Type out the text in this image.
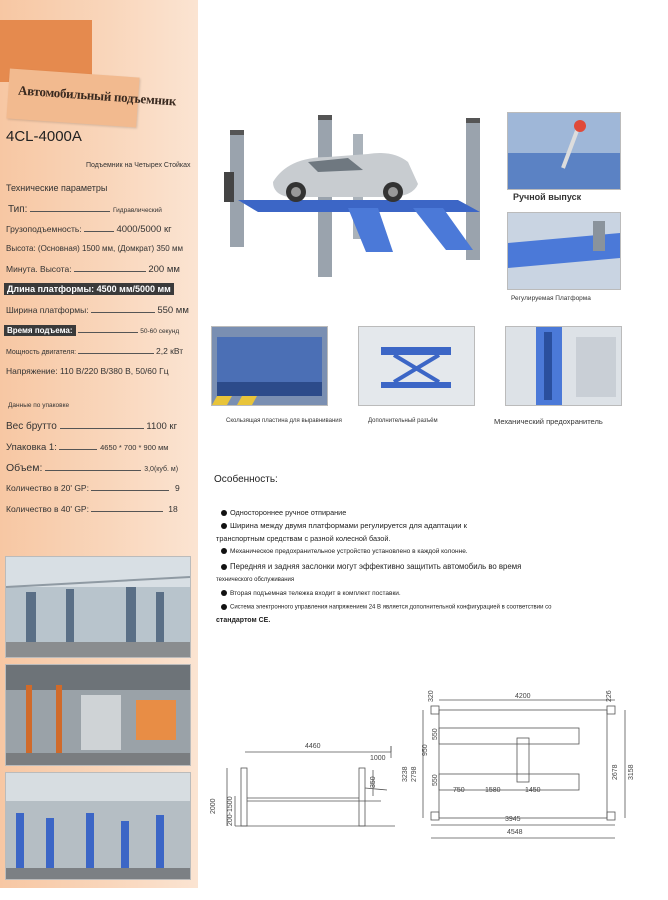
Автомобильный подъемник
4CL-4000A
Подъемник на Четырех Стойках
Технические параметры
Тип:	Гидравлический
Грузоподъемность:	4000/5000 кг
Высота: (Основная) 1500 мм, (Домкрат) 350 мм
Минута. Высота:	200 мм
Длина платформы: 4500 мм/5000 мм
Ширина платформы:	550 мм
Время подъема:	50-60 секунд
Мощность двигателя:	2,2 кВт
Напряжение: 110 В/220 В/380 В, 50/60 Гц
Данные по упаковке
Вес брутто	1100 кг
Упаковка 1:	4650 * 700 * 900 мм
Объем:	3,0(куб. м)
Количество в 20' GP:	9
Количество в 40' GP:	18
Ручной выпуск
Регулируемая Платформа
Скользящая пластина для выравнивания	Дополнительный разъём	Механический предохранитель
Особенность:
Одностороннее ручное отпирание
Ширина между двумя платформами регулируется для адаптации к
транспортным средствам с разной колесной базой.
Механическое предохранительное устройство установлено в каждой колонне.
Передняя и задняя заслонки могут эффективно защитить автомобиль во время
технического обслуживания
Вторая подъемная тележка входит в комплект поставки.
Система электронного управления напряжением 24 В является дополнительной конфигурацией в соответствии со
стандартом CE.
4460
1000
350
2000 200-1500
320	4200	226
3238 2798
950
550
550
2678 3158
750	1580	1450
3945
4548
